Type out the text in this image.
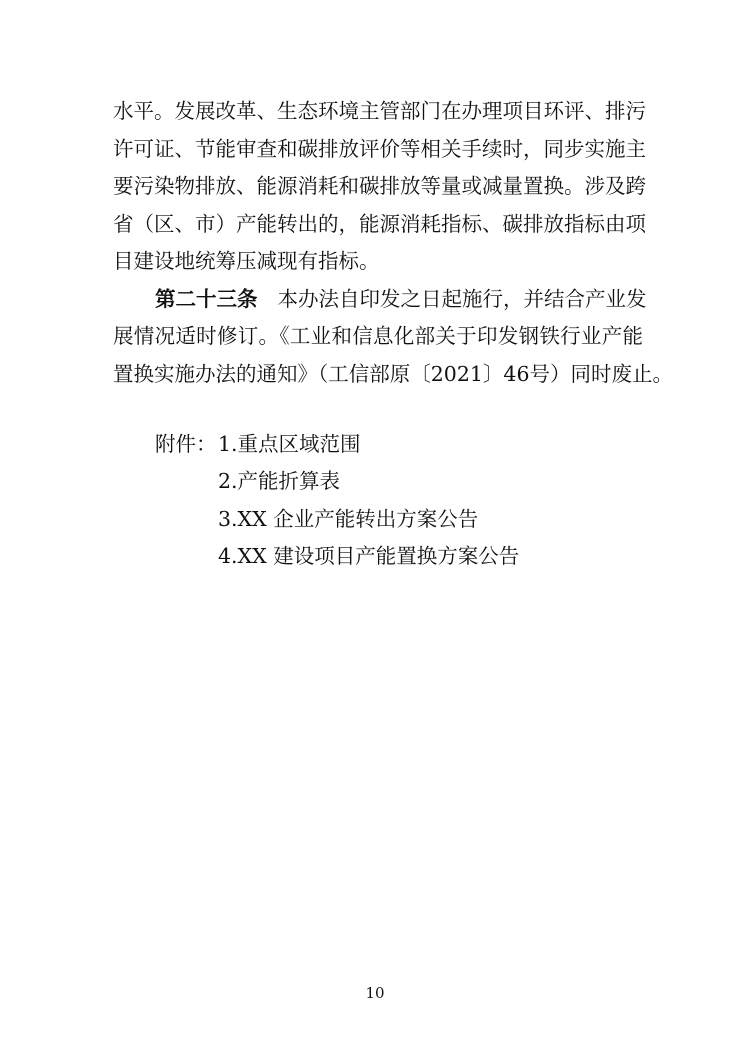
水平。发展改革、生态环境主管部门在办理项目环评、排污
许可证、节能审查和碳排放评价等相关手续时，同步实施主
要污染物排放、能源消耗和碳排放等量或减量置换。涉及跨
省（区、市）产能转出的，能源消耗指标、碳排放指标由项
目建设地统筹压减现有指标。
第二十三条 本办法自印发之日起施行，并结合产业发
展情况适时修订。《工业和信息化部关于印发钢铁行业产能
置换实施办法的通知》（工信部原〔2021〕46号）同时废止。
附件： 1.重点区域范围
2.产能折算表
3.XX 企业产能转出方案公告
4.XX 建设项目产能置换方案公告
10
